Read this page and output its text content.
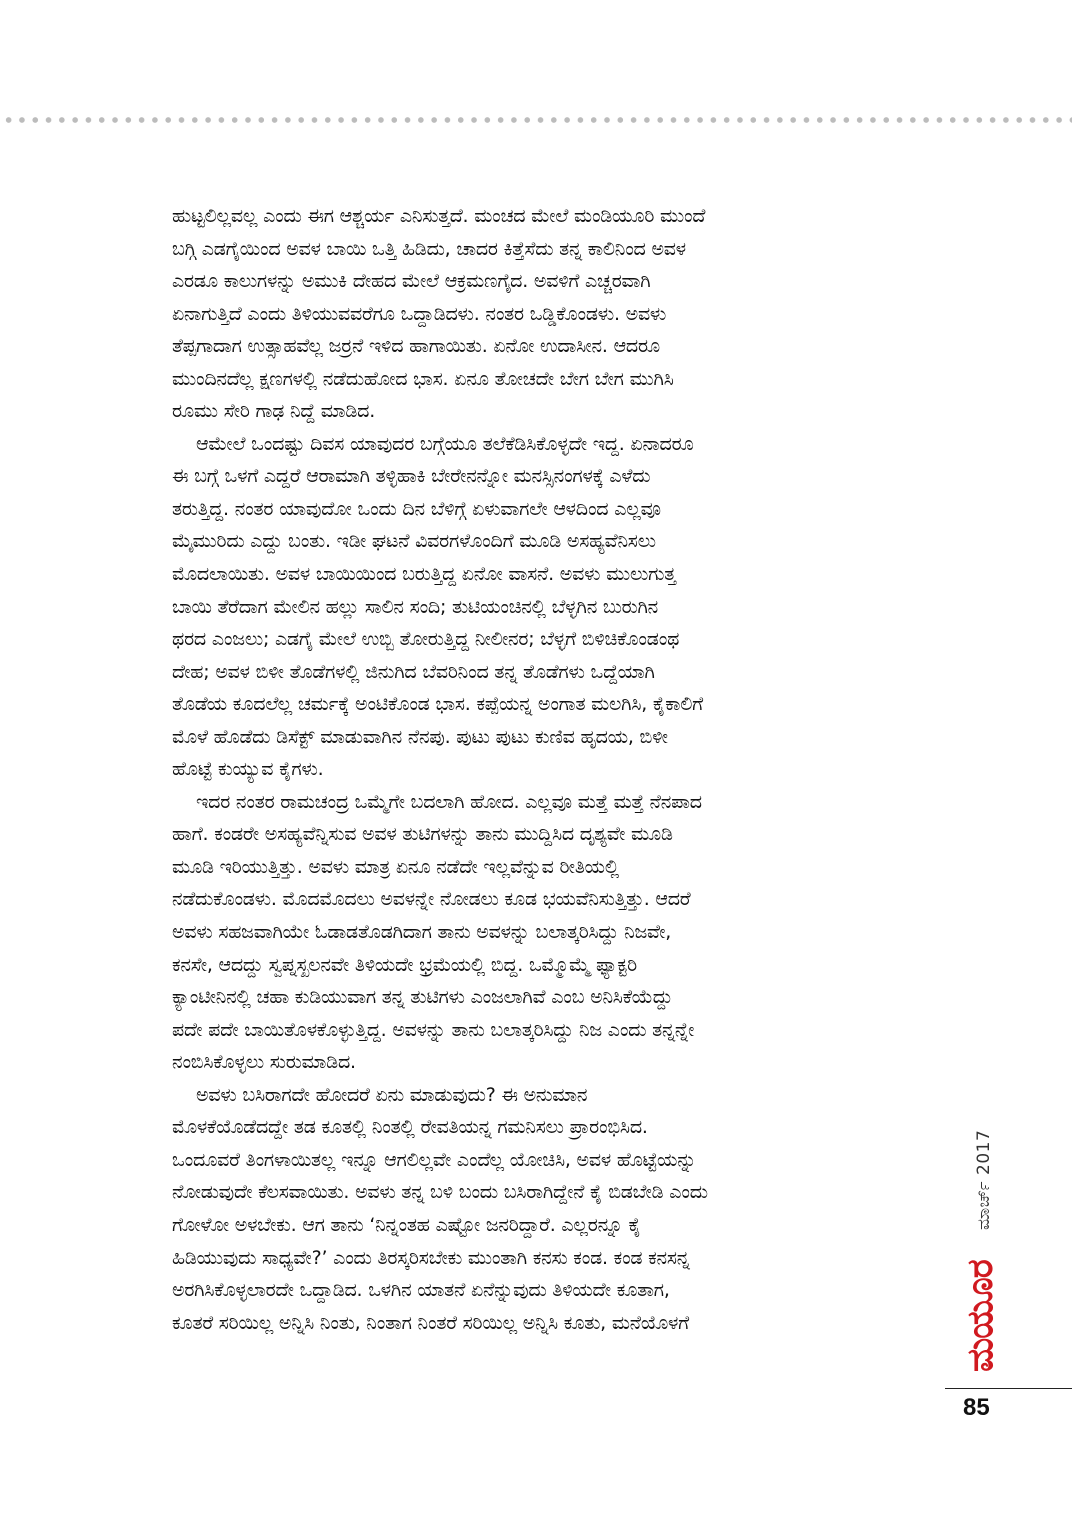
ಹುಟ್ಟಲಿಲ್ಲವಲ್ಲ ಎಂದು ಈಗ ಆಶ್ಚರ್ಯ ಎನಿಸುತ್ತದೆ. ಮಂಚದ ಮೇಲೆ ಮಂಡಿಯೂರಿ ಮುಂದೆ
ಬಗ್ಗಿ ಎಡಗೈಯಿಂದ ಅವಳ ಬಾಯಿ ಒತ್ತಿ ಹಿಡಿದು, ಚಾದರ ಕಿತ್ತೆಸೆದು ತನ್ನ ಕಾಲಿನಿಂದ ಅವಳ
ಎರಡೂ ಕಾಲುಗಳನ್ನು ಅಮುಕಿ ದೇಹದ ಮೇಲೆ ಆಕ್ರಮಣಗೈದ. ಅವಳಿಗೆ ಎಚ್ಚರವಾಗಿ
ಏನಾಗುತ್ತಿದೆ ಎಂದು ತಿಳಿಯುವವರೆಗೂ ಒದ್ದಾಡಿದಳು. ನಂತರ ಒಡ್ಡಿಕೊಂಡಳು. ಅವಳು
ತೆಪ್ಪಗಾದಾಗ ಉತ್ಸಾಹವೆಲ್ಲ ಜರ್ರನೆ ಇಳಿದ ಹಾಗಾಯಿತು. ಏನೋ ಉದಾಸೀನ. ಆದರೂ
ಮುಂದಿನದೆಲ್ಲ ಕ್ಷಣಗಳಲ್ಲಿ ನಡೆದುಹೋದ ಭಾಸ. ಏನೂ ತೋಚದೇ ಬೇಗ ಬೇಗ ಮುಗಿಸಿ
ರೂಮು ಸೇರಿ ಗಾಢ ನಿದ್ದೆ ಮಾಡಿದ.
ಆಮೇಲೆ ಒಂದಷ್ಟು ದಿವಸ ಯಾವುದರ ಬಗ್ಗೆಯೂ ತಲೆಕೆಡಿಸಿಕೊಳ್ಳದೇ ಇದ್ದ. ಏನಾದರೂ
ಈ ಬಗ್ಗೆ ಒಳಗೆ ಎದ್ದರೆ ಆರಾಮಾಗಿ ತಳ್ಳಿಹಾಕಿ ಬೇರೇನನ್ನೋ ಮನಸ್ಸಿನಂಗಳಕ್ಕೆ ಎಳೆದು
ತರುತ್ತಿದ್ದ. ನಂತರ ಯಾವುದೋ ಒಂದು ದಿನ ಬೆಳಿಗ್ಗೆ ಏಳುವಾಗಲೇ ಆಳದಿಂದ ಎಲ್ಲವೂ
ಮೈಮುರಿದು ಎದ್ದು ಬಂತು. ಇಡೀ ಘಟನೆ ವಿವರಗಳೊಂದಿಗೆ ಮೂಡಿ ಅಸಹ್ಯವೆನಿಸಲು
ಮೊದಲಾಯಿತು. ಅವಳ ಬಾಯಿಯಿಂದ ಬರುತ್ತಿದ್ದ ಏನೋ ವಾಸನೆ. ಅವಳು ಮುಲುಗುತ್ತ
ಬಾಯಿ ತೆರೆದಾಗ ಮೇಲಿನ ಹಲ್ಲು ಸಾಲಿನ ಸಂದಿ; ತುಟಿಯಂಚಿನಲ್ಲಿ ಬೆಳ್ಳಗಿನ ಬುರುಗಿನ
ಥರದ ಎಂಜಲು; ಎಡಗೈ ಮೇಲೆ ಉಬ್ಬಿ ತೋರುತ್ತಿದ್ದ ನೀಲೀನರ; ಬೆಳ್ಳಗೆ ಬಿಳಿಚಿಕೊಂಡಂಥ
ದೇಹ; ಅವಳ ಬಿಳೀ ತೊಡೆಗಳಲ್ಲಿ ಜಿನುಗಿದ ಬೆವರಿನಿಂದ ತನ್ನ ತೊಡೆಗಳು ಒದ್ದೆಯಾಗಿ
ತೊಡೆಯ ಕೂದಲೆಲ್ಲ ಚರ್ಮಕ್ಕೆ ಅಂಟಿಕೊಂಡ ಭಾಸ. ಕಪ್ಪೆಯನ್ನ ಅಂಗಾತ ಮಲಗಿಸಿ, ಕೈಕಾಲಿಗೆ
ಮೊಳೆ ಹೊಡೆದು ಡಿಸೆಕ್ಟ್ ಮಾಡುವಾಗಿನ ನೆನಪು. ಪುಟು ಪುಟು ಕುಣಿವ ಹೃದಯ, ಬಿಳೀ
ಹೊಟ್ಟೆ ಕುಯ್ಯುವ ಕೈಗಳು.
ಇದರ ನಂತರ ರಾಮಚಂದ್ರ ಒಮ್ಮೆಗೇ ಬದಲಾಗಿ ಹೋದ. ಎಲ್ಲವೂ ಮತ್ತೆ ಮತ್ತೆ ನೆನಪಾದ
ಹಾಗೆ. ಕಂಡರೇ ಅಸಹ್ಯವೆನ್ನಿಸುವ ಅವಳ ತುಟಿಗಳನ್ನು ತಾನು ಮುದ್ದಿಸಿದ ದೃಶ್ಯವೇ ಮೂಡಿ
ಮೂಡಿ ಇರಿಯುತ್ತಿತ್ತು. ಅವಳು ಮಾತ್ರ ಏನೂ ನಡೆದೇ ಇಲ್ಲವೆನ್ನುವ ರೀತಿಯಲ್ಲಿ
ನಡೆದುಕೊಂಡಳು. ಮೊದಮೊದಲು ಅವಳನ್ನೇ ನೋಡಲು ಕೂಡ ಭಯವೆನಿಸುತ್ತಿತ್ತು. ಆದರೆ
ಅವಳು ಸಹಜವಾಗಿಯೇ ಓಡಾಡತೊಡಗಿದಾಗ ತಾನು ಅವಳನ್ನು ಬಲಾತ್ಕರಿಸಿದ್ದು ನಿಜವೇ,
ಕನಸೇ, ಆದದ್ದು ಸ್ವಪ್ನಸ್ಖಲನವೇ ತಿಳಿಯದೇ ಭ್ರಮೆಯಲ್ಲಿ ಬಿದ್ದ. ಒಮ್ಮೊಮ್ಮೆ ಫ್ಯಾಕ್ಟರಿ
ಕ್ಯಾಂಟೀನಿನಲ್ಲಿ ಚಹಾ ಕುಡಿಯುವಾಗ ತನ್ನ ತುಟಿಗಳು ಎಂಜಲಾಗಿವೆ ಎಂಬ ಅನಿಸಿಕೆಯೆದ್ದು
ಪದೇ ಪದೇ ಬಾಯಿತೊಳಕೊಳ್ಳುತ್ತಿದ್ದ. ಅವಳನ್ನು ತಾನು ಬಲಾತ್ಕರಿಸಿದ್ದು ನಿಜ ಎಂದು ತನ್ನನ್ನೇ
ನಂಬಿಸಿಕೊಳ್ಳಲು ಸುರುಮಾಡಿದ.
ಅವಳು ಬಸಿರಾಗದೇ ಹೋದರೆ ಏನು ಮಾಡುವುದು? ಈ ಅನುಮಾನ
ಮೊಳಕೆಯೊಡೆದದ್ದೇ ತಡ ಕೂತಲ್ಲಿ ನಿಂತಲ್ಲಿ ರೇವತಿಯನ್ನ ಗಮನಿಸಲು ಪ್ರಾರಂಭಿಸಿದ.
ಒಂದೂವರೆ ತಿಂಗಳಾಯಿತಲ್ಲ ಇನ್ನೂ ಆಗಲಿಲ್ಲವೇ ಎಂದೆಲ್ಲ ಯೋಚಿಸಿ, ಅವಳ ಹೊಟ್ಟೆಯನ್ನು
ನೋಡುವುದೇ ಕೆಲಸವಾಯಿತು. ಅವಳು ತನ್ನ ಬಳಿ ಬಂದು ಬಸಿರಾಗಿದ್ದೇನೆ ಕೈ ಬಿಡಬೇಡಿ ಎಂದು
ಗೋಳೋ ಅಳಬೇಕು. ಆಗ ತಾನು ‘ನಿನ್ನಂತಹ ಎಷ್ಟೋ ಜನರಿದ್ದಾರೆ. ಎಲ್ಲರನ್ನೂ ಕೈ
ಹಿಡಿಯುವುದು ಸಾಧ್ಯವೇ?’ ಎಂದು ತಿರಸ್ಕರಿಸಬೇಕು ಮುಂತಾಗಿ ಕನಸು ಕಂಡ. ಕಂಡ ಕನಸನ್ನ
ಅರಗಿಸಿಕೊಳ್ಳಲಾರದೇ ಒದ್ದಾಡಿದ. ಒಳಗಿನ ಯಾತನೆ ಏನೆನ್ನುವುದು ತಿಳಿಯದೇ ಕೂತಾಗ,
ಕೂತರೆ ಸರಿಯಿಲ್ಲ ಅನ್ನಿಸಿ ನಿಂತು, ನಿಂತಾಗ ನಿಂತರೆ ಸರಿಯಿಲ್ಲ ಅನ್ನಿಸಿ ಕೂತು, ಮನೆಯೊಳಗೆ
ಮಾರ್ಚ್ 2017
ಮಯೂರ
85
